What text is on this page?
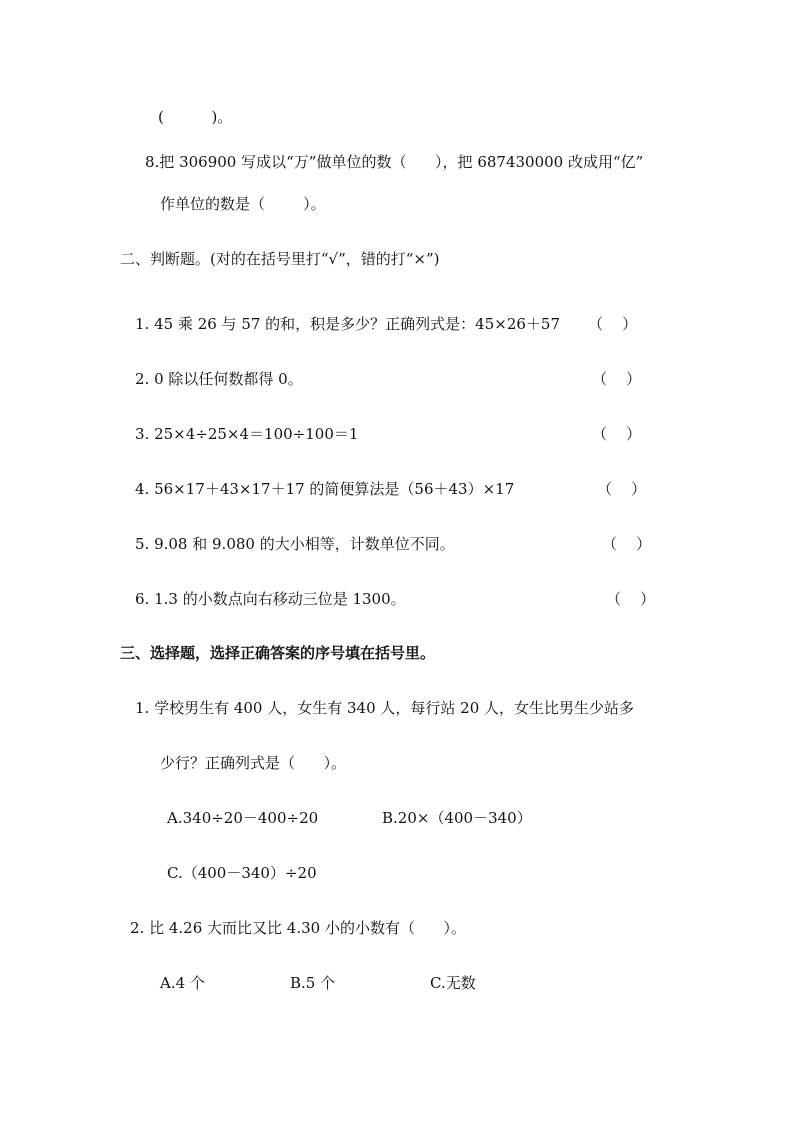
(          )。
8.把 306900 写成以“万”做单位的数（      ），把 687430000 改成用“亿”
作单位的数是（        ）。
二、判断题。(对的在括号里打“√”，错的打“×”)
1. 45 乘 26 与 57 的和，积是多少？正确列式是：45×26＋57 （    ）
2. 0 除以任何数都得 0。	（    ）
3. 25×4÷25×4＝100÷100＝1	（    ）
4. 56×17＋43×17＋17 的简便算法是（56＋43）×17	（    ）
5. 9.08 和 9.080 的大小相等，计数单位不同。	（    ）
6. 1.3 的小数点向右移动三位是 1300。	（    ）
三、选择题，选择正确答案的序号填在括号里。
1. 学校男生有 400 人，女生有 340 人，每行站 20 人，女生比男生少站多
少行？正确列式是（      ）。
A.340÷20－400÷20	B.20×（400－340）
C.（400－340）÷20
2. 比 4.26 大而比又比 4.30 小的小数有（      ）。
A.4 个	B.5 个	C.无数
